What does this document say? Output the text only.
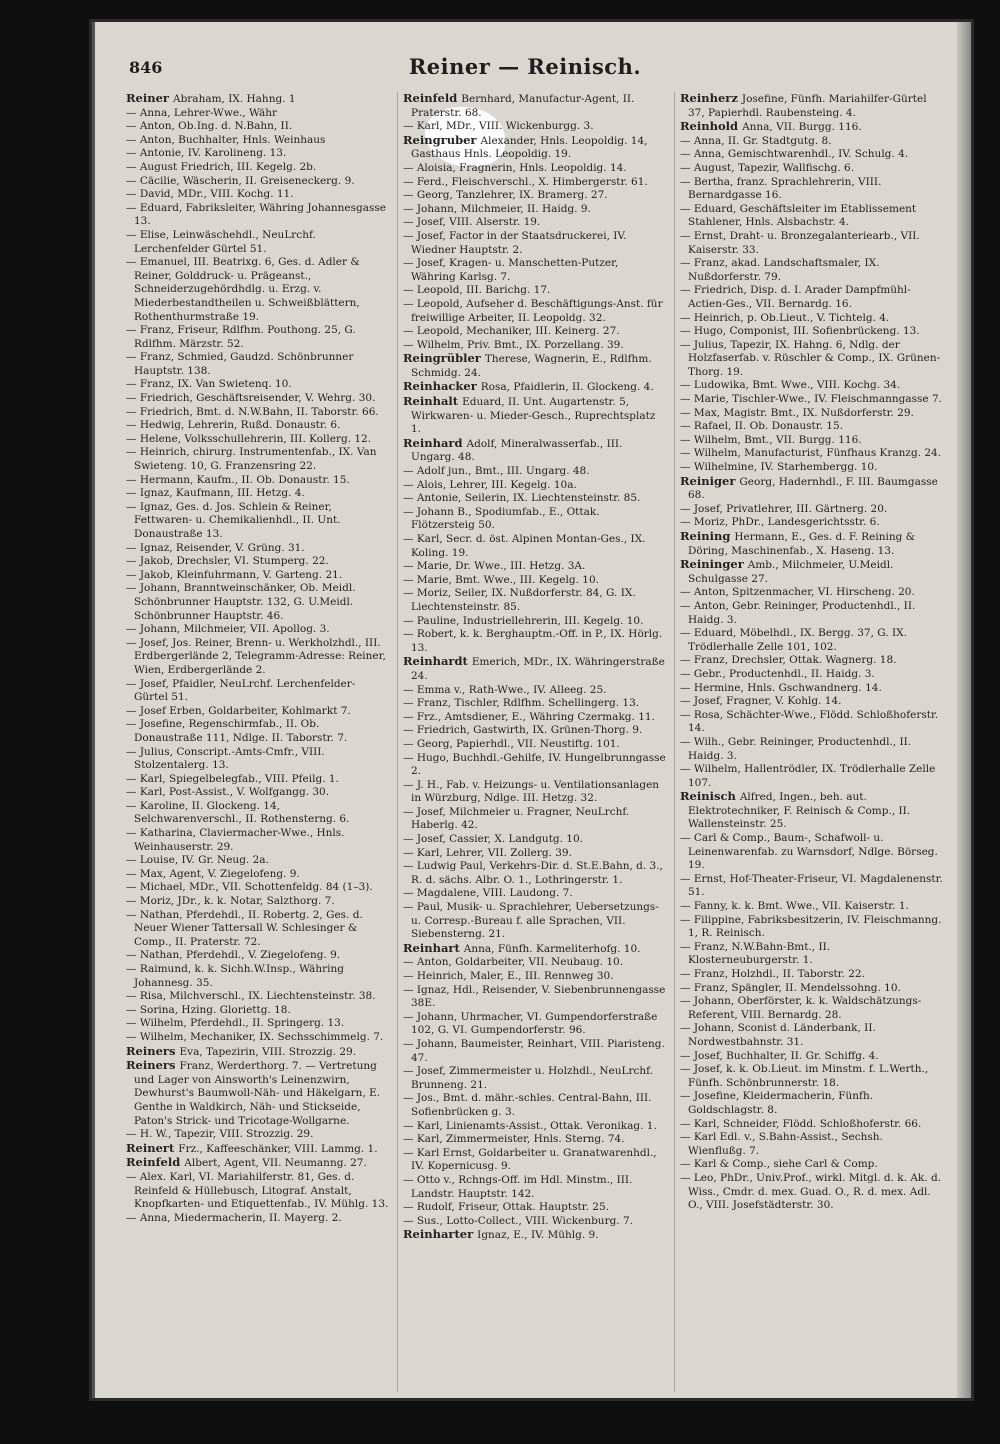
846	Reiner — Reinisch.
Reiner Abraham, IX. Hahng. 1
— Anna, Lehrer-Wwe., Währ
— Anton, Ob.Ing. d. N.Bahn, II.
— Anton, Buchhalter, Hnls. Weinhaus
— Antonie, IV. Karolineng. 13.
— August Friedrich, III. Kegelg. 2b.
— Cäcilie, Wäscherin, II. Greiseneckerg. 9.
— David, MDr., VIII. Kochg. 11.
— Eduard, Fabriksleiter, Währing Johannesgasse 13.
— Elise, Leinwäschehdl., NeuLrchf. Lerchenfelder Gürtel 51.
— Emanuel, III. Beatrixg. 6, Ges. d. Adler & Reiner, Golddruck- u. Prägeanst., Schneiderzugehördhdlg. u. Erzg. v. Miederbestandtheilen u. Schweißblättern, Rothenthurmstraße 19.
— Franz, Friseur, Rdlfhm. Pouthong. 25, G. Rdlfhm. Märzstr. 52.
— Franz, Schmied, Gaudzd. Schönbrunner Hauptstr. 138.
— Franz, IX. Van Swietenq. 10.
— Friedrich, Geschäftsreisender, V. Wehrg. 30.
— Friedrich, Bmt. d. N.W.Bahn, II. Taborstr. 66.
— Hedwig, Lehrerin, Rußd. Donaustr. 6.
— Helene, Volksschullehrerin, III. Kollerg. 12.
— Heinrich, chirurg. Instrumentenfab., IX. Van Swieteng. 10, G. Franzensring 22.
— Hermann, Kaufm., II. Ob. Donaustr. 15.
— Ignaz, Kaufmann, III. Hetzg. 4.
— Ignaz, Ges. d. Jos. Schlein & Reiner, Fettwaren- u. Chemikalienhdl., II. Unt. Donaustraße 13.
— Ignaz, Reisender, V. Grüng. 31.
— Jakob, Drechsler, VI. Stumperg. 22.
— Jakob, Kleinfuhrmann, V. Garteng. 21.
— Johann, Branntweinschänker, Ob. Meidl. Schönbrunner Hauptstr. 132, G. U.Meidl. Schönbrunner Hauptstr. 46.
— Johann, Milchmeier, VII. Apollog. 3.
— Josef, Jos. Reiner, Brenn- u. Werkholzhdl., III. Erdbergerlände 2, Telegramm-Adresse: Reiner, Wien, Erdbergerlände 2.
— Josef, Pfaidler, NeuLrchf. Lerchenfelder-Gürtel 51.
— Josef Erben, Goldarbeiter, Kohlmarkt 7.
— Josefine, Regenschirmfab., II. Ob. Donaustraße 111, Ndlge. II. Taborstr. 7.
— Julius, Conscript.-Amts-Cmfr., VIII. Stolzentalerg. 13.
— Karl, Spiegelbelegfab., VIII. Pfeilg. 1.
— Karl, Post-Assist., V. Wolfgangg. 30.
— Karoline, II. Glockeng. 14, Selchwarenverschl., II. Rothensterng. 6.
— Katharina, Claviermacher-Wwe., Hnls. Weinhauserstr. 29.
— Louise, IV. Gr. Neug. 2a.
— Max, Agent, V. Ziegelofeng. 9.
— Michael, MDr., VII. Schottenfeldg. 84 (1–3).
— Moriz, JDr., k. k. Notar, Salzthorg. 7.
— Nathan, Pferdehdl., II. Robertg. 2, Ges. d. Neuer Wiener Tattersall W. Schlesinger & Comp., II. Praterstr. 72.
— Nathan, Pferdehdl., V. Ziegelofeng. 9.
— Raimund, k. k. Sichh.W.Insp., Währing Johannesg. 35.
— Risa, Milchverschl., IX. Liechtensteinstr. 38.
— Sorina, Hzing. Gloriettg. 18.
— Wilhelm, Pferdehdl., II. Springerg. 13.
— Wilhelm, Mechaniker, IX. Sechsschimmelg. 7.
Reiners Eva, Tapezirin, VIII. Strozzig. 29.
Reiners Franz, Werderthorg. 7. — Vertretung und Lager von Ainsworth's Leinenzwirn, Dewhurst's Baumwoll-Näh- und Häkelgarn, E. Genthe in Waldkirch, Näh- und Stickseide, Paton's Strick- und Tricotage-Wollgarne.
— H. W., Tapezir, VIII. Strozzig. 29.
Reinert Frz., Kaffeeschänker, VIII. Lammg. 1.
Reinfeld Albert, Agent, VII. Neumanng. 27.
— Alex. Karl, VI. Mariahilferstr. 81, Ges. d. Reinfeld & Hüllebusch, Litograf. Anstalt, Knopfkarten- und Etiquettenfab., IV. Mühlg. 13.
— Anna, Miedermacherin, II. Mayerg. 2.
Reinfeld Bernhard, Manufactur-Agent, II. Praterstr. 68.
— Karl, MDr., VIII. Wickenburgg. 3.
Reingruber Alexander, Hnls. Leopoldig. 14, Gasthaus Hnls. Leopoldig. 19.
— Aloisia, Fragnerin, Hnls. Leopoldig. 14.
— Ferd., Fleischverschl., X. Himbergerstr. 61.
— Georg, Tanzlehrer, IX. Bramerg. 27.
— Johann, Milchmeier, II. Haidg. 9.
— Josef, VIII. Alserstr. 19.
— Josef, Factor in der Staatsdruckerei, IV. Wiedner Hauptstr. 2.
— Josef, Kragen- u. Manschetten-Putzer, Währing Karlsg. 7.
— Leopold, III. Barichg. 17.
— Leopold, Aufseher d. Beschäftigungs-Anst. für freiwillige Arbeiter, II. Leopoldg. 32.
— Leopold, Mechaniker, III. Keinerg. 27.
— Wilhelm, Priv. Bmt., IX. Porzellang. 39.
Reingrübler Therese, Wagnerin, E., Rdlfhm. Schmidg. 24.
Reinhacker Rosa, Pfaidlerin, II. Glockeng. 4.
Reinhalt Eduard, II. Unt. Augartenstr. 5, Wirkwaren- u. Mieder-Gesch., Ruprechtsplatz 1.
Reinhard Adolf, Mineralwasserfab., III. Ungarg. 48.
— Adolf jun., Bmt., III. Ungarg. 48.
— Alois, Lehrer, III. Kegelg. 10a.
— Antonie, Seilerin, IX. Liechtensteinstr. 85.
— Johann B., Spodiumfab., E., Ottak. Flötzersteig 50.
— Karl, Secr. d. öst. Alpinen Montan-Ges., IX. Koling. 19.
— Marie, Dr. Wwe., III. Hetzg. 3A.
— Marie, Bmt. Wwe., III. Kegelg. 10.
— Moriz, Seiler, IX. Nußdorferstr. 84, G. IX. Liechtensteinstr. 85.
— Pauline, Industriellehrerin, III. Kegelg. 10.
— Robert, k. k. Berghauptm.-Off. in P., IX. Hörlg. 13.
Reinhardt Emerich, MDr., IX. Währingerstraße 24.
— Emma v., Rath-Wwe., IV. Alleeg. 25.
— Franz, Tischler, Rdlfhm. Schellingerg. 13.
— Frz., Amtsdiener, E., Währing Czermakg. 11.
— Friedrich, Gastwirth, IX. Grünen-Thorg. 9.
— Georg, Papierhdl., VII. Neustiftg. 101.
— Hugo, Buchhdl.-Gehilfe, IV. Hungelbrunngasse 2.
— J. H., Fab. v. Heizungs- u. Ventilationsanlagen in Würzburg, Ndlge. III. Hetzg. 32.
— Josef, Milchmeier u. Fragner, NeuLrchf. Haberlg. 42.
— Josef, Cassier, X. Landgutg. 10.
— Karl, Lehrer, VII. Zollerg. 39.
— Ludwig Paul, Verkehrs-Dir. d. St.E.Bahn, d. 3., R. d. sächs. Albr. O. 1., Lothringerstr. 1.
— Magdalene, VIII. Laudong. 7.
— Paul, Musik- u. Sprachlehrer, Uebersetzungs- u. Corresp.-Bureau f. alle Sprachen, VII. Siebensterng. 21.
Reinhart Anna, Fünfh. Karmeliterhofg. 10.
— Anton, Goldarbeiter, VII. Neubaug. 10.
— Heinrich, Maler, E., III. Rennweg 30.
— Ignaz, Hdl., Reisender, V. Siebenbrunnengasse 38E.
— Johann, Uhrmacher, VI. Gumpendorferstraße 102, G. VI. Gumpendorferstr. 96.
— Johann, Baumeister, Reinhart, VIII. Piaristeng. 47.
— Josef, Zimmermeister u. Holzhdl., NeuLrchf. Brunneng. 21.
— Jos., Bmt. d. mähr.-schles. Central-Bahn, III. Sofienbrücken g. 3.
— Karl, Linienamts-Assist., Ottak. Veronikag. 1.
— Karl, Zimmermeister, Hnls. Sterng. 74.
— Karl Ernst, Goldarbeiter u. Granatwarenhdl., IV. Kopernicusg. 9.
— Otto v., Rchngs-Off. im Hdl. Minstm., III. Landstr. Hauptstr. 142.
— Rudolf, Friseur, Ottak. Hauptstr. 25.
— Sus., Lotto-Collect., VIII. Wickenburg. 7.
Reinharter Ignaz, E., IV. Mühlg. 9.
Reinherz Josefine, Fünfh. Mariahilfer-Gürtel 37, Papierhdl. Raubensteing. 4.
Reinhold Anna, VII. Burgg. 116.
— Anna, II. Gr. Stadtgutg. 8.
— Anna, Gemischtwarenhdl., IV. Schulg. 4.
— August, Tapezir, Wallfischg. 6.
— Bertha, franz. Sprachlehrerin, VIII. Bernardgasse 16.
— Eduard, Geschäftsleiter im Etablissement Stahlener, Hnls. Alsbachstr. 4.
— Ernst, Draht- u. Bronzegalanteriearb., VII. Kaiserstr. 33.
— Franz, akad. Landschaftsmaler, IX. Nußdorferstr. 79.
— Friedrich, Disp. d. I. Arader Dampfmühl-Actien-Ges., VII. Bernardg. 16.
— Heinrich, p. Ob.Lieut., V. Tichtelg. 4.
— Hugo, Componist, III. Sofienbrückeng. 13.
— Julius, Tapezir, IX. Hahng. 6, Ndlg. der Holzfaserfab. v. Rüschler & Comp., IX. Grünen-Thorg. 19.
— Ludowika, Bmt. Wwe., VIII. Kochg. 34.
— Marie, Tischler-Wwe., IV. Fleischmanngasse 7.
— Max, Magistr. Bmt., IX. Nußdorferstr. 29.
— Rafael, II. Ob. Donaustr. 15.
— Wilhelm, Bmt., VII. Burgg. 116.
— Wilhelm, Manufacturist, Fünfhaus Kranzg. 24.
— Wilhelmine, IV. Starhembergg. 10.
Reiniger Georg, Hadernhdl., F. III. Baumgasse 68.
— Josef, Privatlehrer, III. Gärtnerg. 20.
— Moriz, PhDr., Landesgerichtsstr. 6.
Reining Hermann, E., Ges. d. F. Reining & Döring, Maschinenfab., X. Haseng. 13.
Reininger Amb., Milchmeier, U.Meidl. Schulgasse 27.
— Anton, Spitzenmacher, VI. Hirscheng. 20.
— Anton, Gebr. Reininger, Productenhdl., II. Haidg. 3.
— Eduard, Möbelhdl., IX. Bergg. 37, G. IX. Trödlerhalle Zelle 101, 102.
— Franz, Drechsler, Ottak. Wagnerg. 18.
— Gebr., Productenhdl., II. Haidg. 3.
— Hermine, Hnls. Gschwandnerg. 14.
— Josef, Fragner, V. Kohlg. 14.
— Rosa, Schächter-Wwe., Flödd. Schloßhoferstr. 14.
— Wilh., Gebr. Reininger, Productenhdl., II. Haidg. 3.
— Wilhelm, Hallentrödler, IX. Trödlerhalle Zelle 107.
Reinisch Alfred, Ingen., beh. aut. Elektrotechniker, F. Reinisch & Comp., II. Wallensteinstr. 25.
— Carl & Comp., Baum-, Schafwoll- u. Leinenwarenfab. zu Warnsdorf, Ndlge. Börseg. 19.
— Ernst, Hof-Theater-Friseur, VI. Magdalenenstr. 51.
— Fanny, k. k. Bmt. Wwe., VII. Kaiserstr. 1.
— Filippine, Fabriksbesitzerin, IV. Fleischmanng. 1, R. Reinisch.
— Franz, N.W.Bahn-Bmt., II. Klosterneuburgerstr. 1.
— Franz, Holzhdl., II. Taborstr. 22.
— Franz, Spängler, II. Mendelssohng. 10.
— Johann, Oberförster, k. k. Waldschätzungs-Referent, VIII. Bernardg. 28.
— Johann, Sconist d. Länderbank, II. Nordwestbahnstr. 31.
— Josef, Buchhalter, II. Gr. Schiffg. 4.
— Josef, k. k. Ob.Lieut. im Minstm. f. L.Werth., Fünfh. Schönbrunnerstr. 18.
— Josefine, Kleidermacherin, Fünfh. Goldschlagstr. 8.
— Karl, Schneider, Flödd. Schloßhoferstr. 66.
— Karl Edl. v., S.Bahn-Assist., Sechsh. Wienflußg. 7.
— Karl & Comp., siehe Carl & Comp.
— Leo, PhDr., Univ.Prof., wirkl. Mitgl. d. k. Ak. d. Wiss., Cmdr. d. mex. Guad. O., R. d. mex. Adl. O., VIII. Josefstädterstr. 30.
